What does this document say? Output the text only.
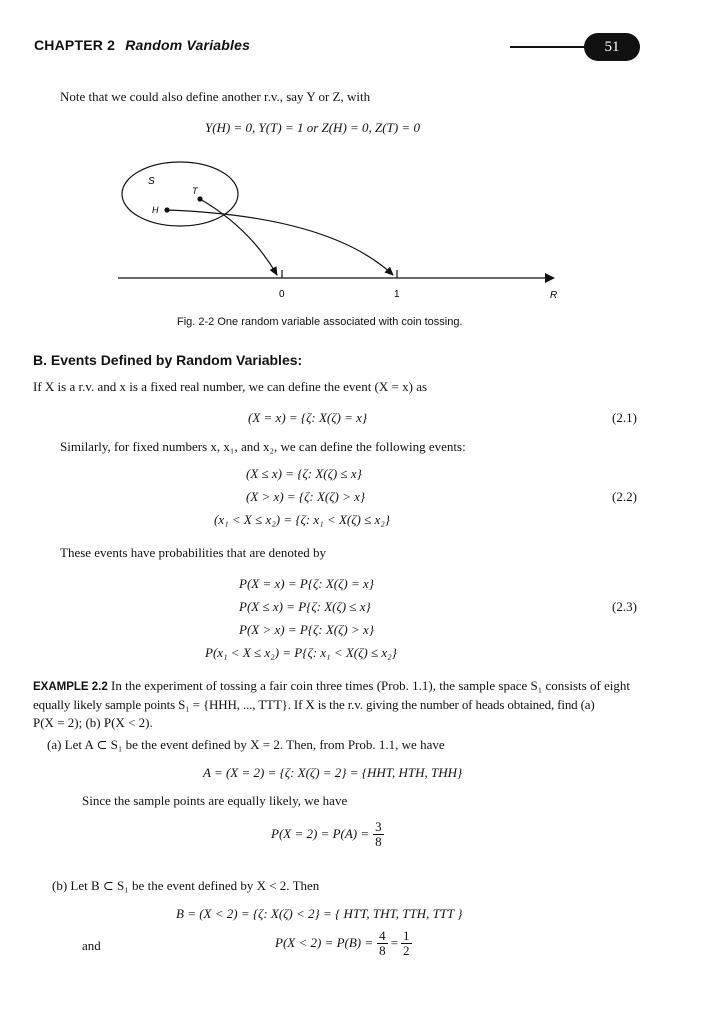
CHAPTER 2 Random Variables	51
Note that we could also define another r.v., say Y or Z, with
Y(H) = 0, Y(T) = 1 or Z(H) = 0, Z(T) = 0
S
T
H
0	1	R
Fig. 2-2 One random variable associated with coin tossing.
B. Events Defined by Random Variables:
If X is a r.v. and x is a fixed real number, we can define the event (X = x) as
(X = x) = {ζ: X(ζ) = x}	(2.1)
Similarly, for fixed numbers x, x₁, and x₂, we can define the following events:
(X ≤ x) = {ζ: X(ζ) ≤ x}
(X > x) = {ζ: X(ζ) > x}
(x₁ < X ≤ x₂) = {ζ: x₁ < X(ζ) ≤ x₂}
(2.2)
These events have probabilities that are denoted by
P(X = x) = P{ζ: X(ζ) = x}
P(X ≤ x) = P{ζ: X(ζ) ≤ x}
P(X > x) = P{ζ: X(ζ) > x}
P(x₁ < X ≤ x₂) = P{ζ: x₁ < X(ζ) ≤ x₂}
(2.3)
EXAMPLE 2.2 In the experiment of tossing a fair coin three times (Prob. 1.1), the sample space S₁ consists of eight
equally likely sample points S₁ = {HHH, ..., TTT}. If X is the r.v. giving the number of heads obtained, find (a)
P(X = 2); (b) P(X < 2).
(a) Let A ⊂ S₁ be the event defined by X = 2. Then, from Prob. 1.1, we have
A = (X = 2) = {ζ: X(ζ) = 2} = {HHT, HTH, THH}
Since the sample points are equally likely, we have
$P(X = 2) = P(A) = \frac{3}{8}$
(b) Let B ⊂ S₁ be the event defined by X < 2. Then
B = (X < 2) = {ζ: X(ζ) < 2} = { HTT, THT, TTH, TTT }
and	$P(X < 2) = P(B) = \frac{4}{8} = \frac{1}{2}$
